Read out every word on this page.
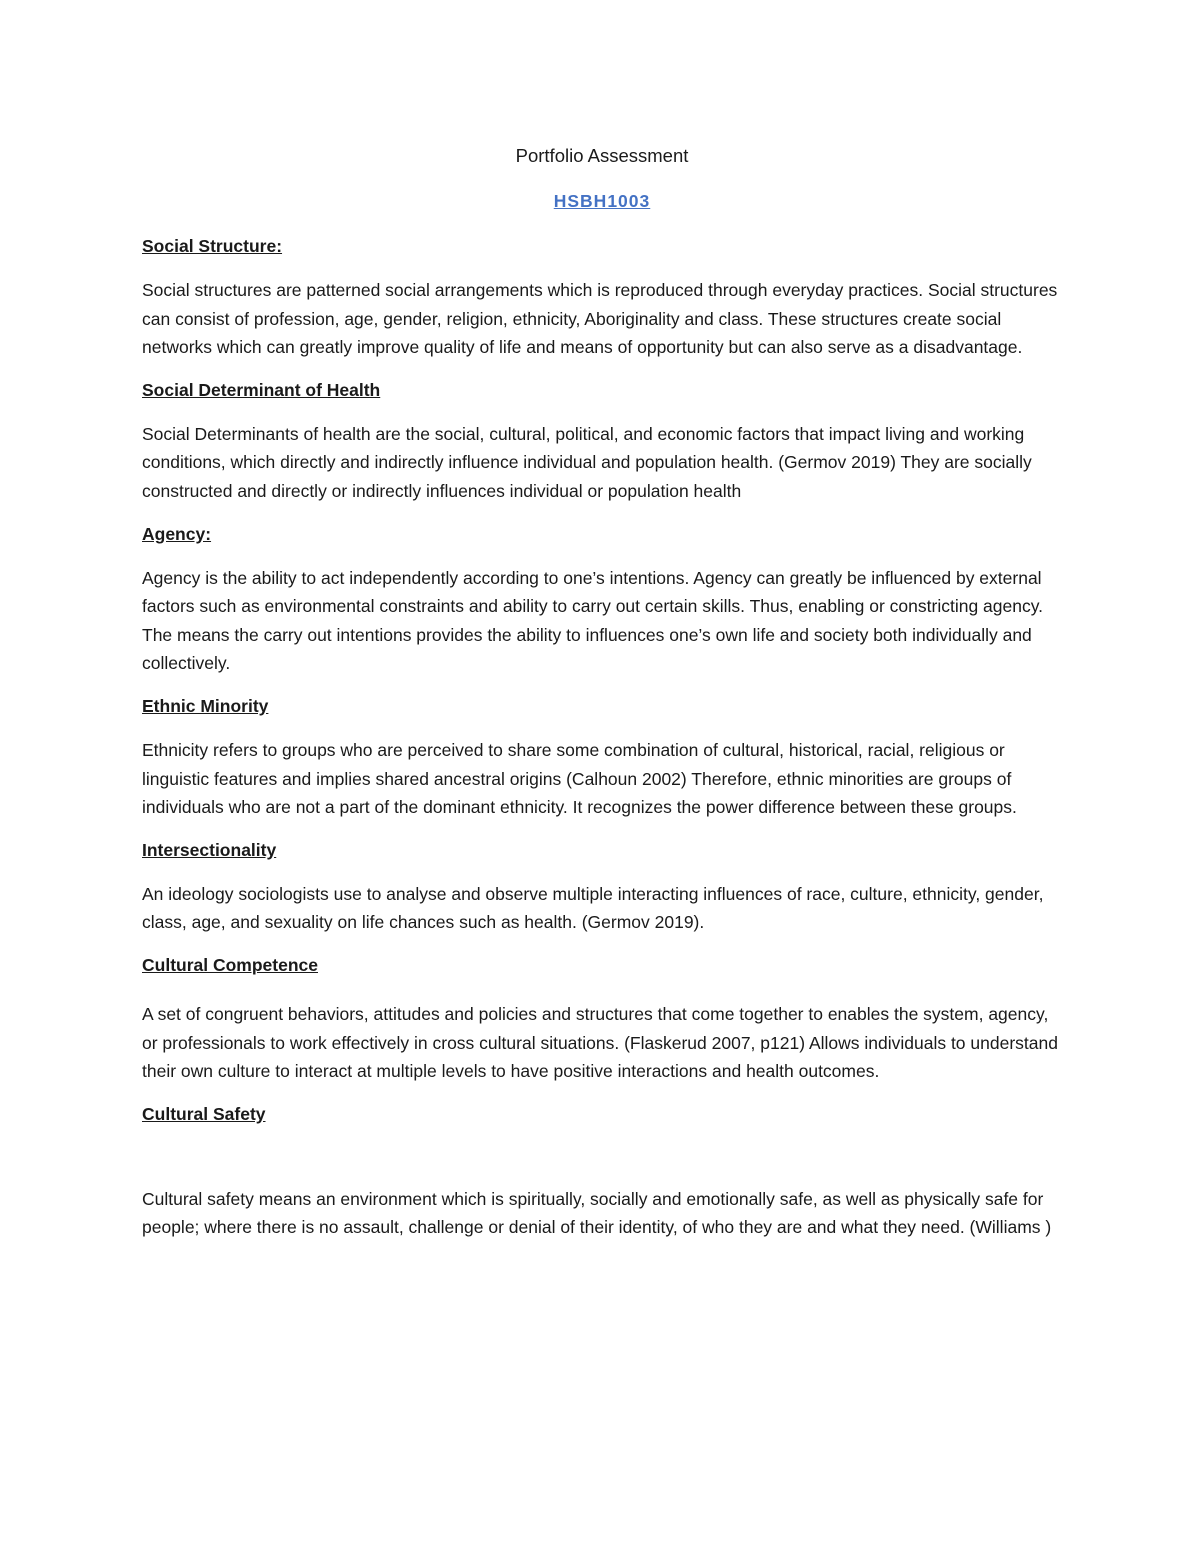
Portfolio Assessment
HSBH1003
Social Structure:
Social structures are patterned social arrangements which is reproduced through everyday practices. Social structures can consist of profession, age, gender, religion, ethnicity, Aboriginality and class. These structures create social networks which can greatly improve quality of life and means of opportunity but can also serve as a disadvantage.
Social Determinant of Health
Social Determinants of health are the social, cultural, political, and economic factors that impact living and working conditions, which directly and indirectly influence individual and population health. (Germov 2019) They are socially constructed and directly or indirectly influences individual or population health
Agency:
Agency is the ability to act independently according to one’s intentions. Agency can greatly be influenced by external factors such as environmental constraints and ability to carry out certain skills. Thus, enabling or constricting agency. The means the carry out intentions provides the ability to influences one’s own life and society both individually and collectively.
Ethnic Minority
Ethnicity refers to groups who are perceived to share some combination of cultural, historical, racial, religious or linguistic features and implies shared ancestral origins (Calhoun 2002) Therefore, ethnic minorities are groups of individuals who are not a part of the dominant ethnicity. It recognizes the power difference between these groups.
Intersectionality
An ideology sociologists use to analyse and observe multiple interacting influences of race, culture, ethnicity, gender, class, age, and sexuality on life chances such as health. (Germov 2019).
Cultural Competence
A set of congruent behaviors, attitudes and policies and structures that come together to enables the system, agency, or professionals to work effectively in cross cultural situations. (Flaskerud 2007, p121) Allows individuals to understand their own culture to interact at multiple levels to have positive interactions and health outcomes.
Cultural Safety
Cultural safety means an environment which is spiritually, socially and emotionally safe, as well as physically safe for people; where there is no assault, challenge or denial of their identity, of who they are and what they need. (Williams )
